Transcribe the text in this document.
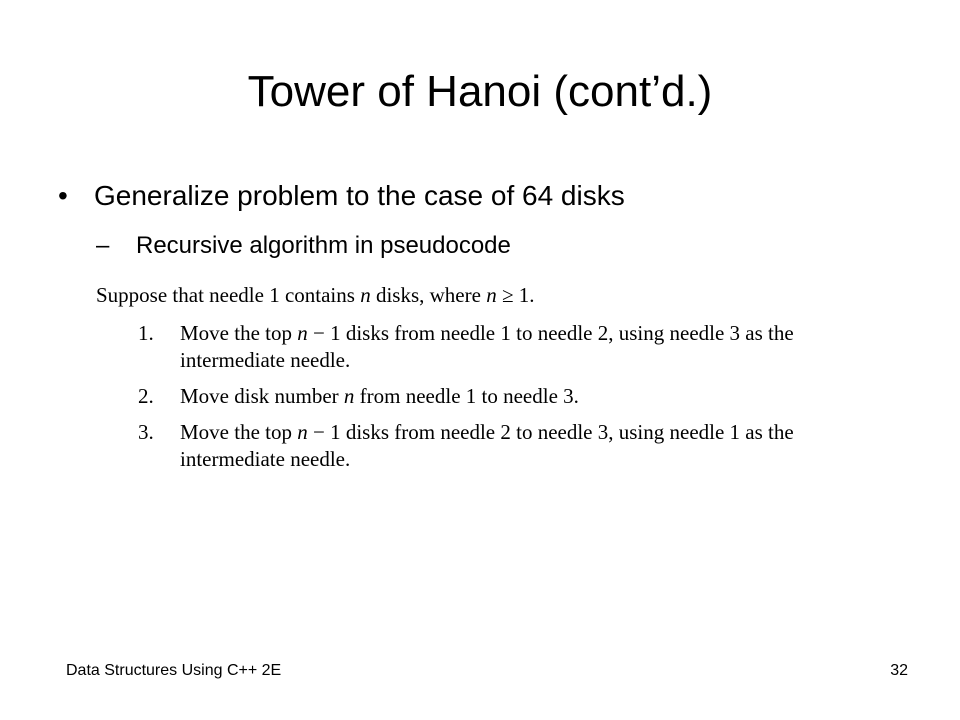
Tower of Hanoi (cont’d.)
• Generalize problem to the case of 64 disks
– Recursive algorithm in pseudocode

Suppose that needle 1 contains n disks, where n ≥ 1.

1.	Move the top n − 1 disks from needle 1 to needle 2, using needle 3 as the intermediate needle.
2.	Move disk number n from needle 1 to needle 3.
3.	Move the top n − 1 disks from needle 2 to needle 3, using needle 1 as the intermediate needle.
Data Structures Using C++ 2E	32
